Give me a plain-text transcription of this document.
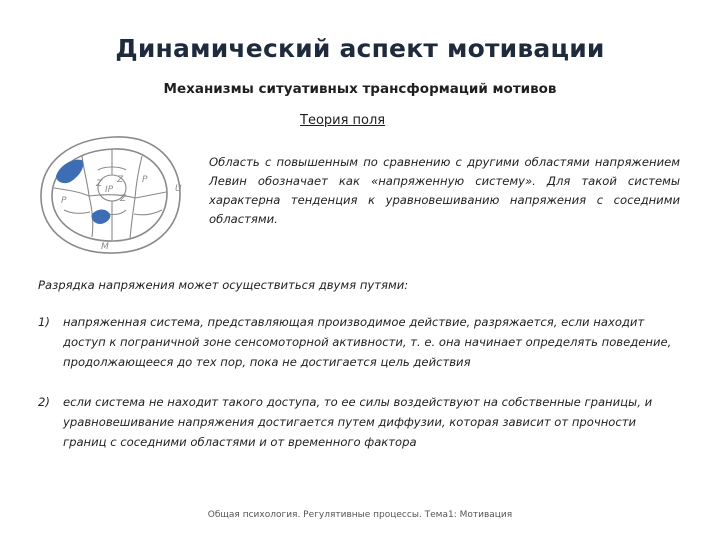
Динамический аспект мотивации
Механизмы ситуативных трансформаций мотивов
Теория поля
Z
IP
Z
Z
P
P
U
M
Область с повышенным по сравнению с другими областями напряжением Левин обозначает как «напряженную систему». Для такой системы характерна тенденция к уравновешиванию напряжения с соседними областями.
Разрядка напряжения может осуществиться двумя путями:
1)	напряженная система, представляющая производимое действие, разряжается, если находит доступ к пограничной зоне сенсомоторной активности, т. е. она начинает определять поведение, продолжающееся до тех пор, пока не достигается цель действия
2)	если система не находит такого доступа, то ее силы воздействуют на собственные границы, и уравновешивание напряжения достигается путем диффузии, которая зависит от прочности границ с соседними областями и от временного фактора
Общая психология. Регулятивные процессы. Тема1: Мотивация
